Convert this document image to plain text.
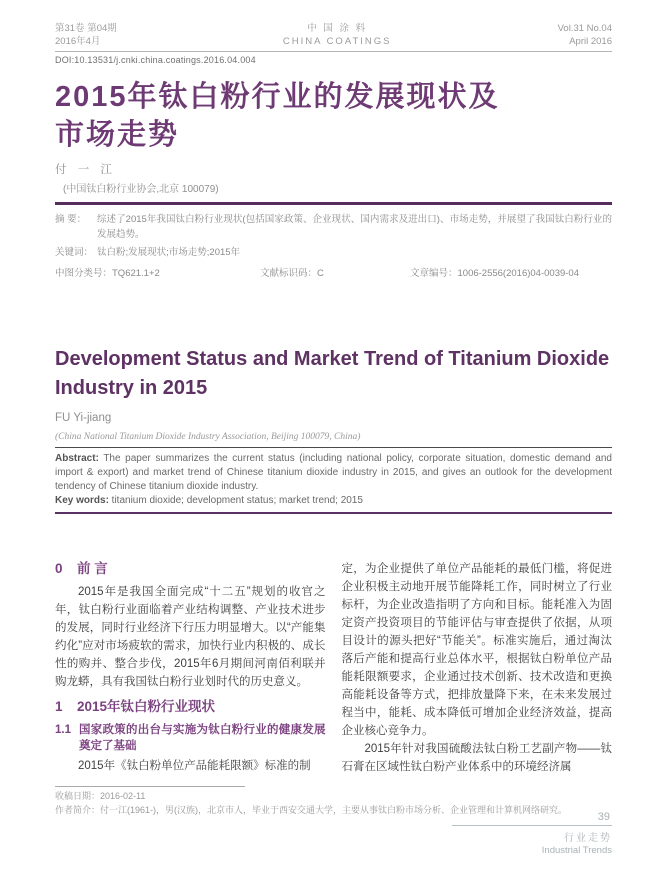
第31卷 第04期
2016年4月
中 国 涂 料
CHINA COATINGS
Vol.31 No.04
April 2016
DOI:10.13531/j.cnki.china.coatings.2016.04.004
2015年钛白粉行业的发展现状及
市场走势
付 一 江
(中国钛白粉行业协会,北京 100079)
摘 要：	综述了2015年我国钛白粉行业现状(包括国家政策、企业现状、国内需求及进出口)、市场走势，并展望了我国钛白粉行业的发展趋势。
关键词： 钛白粉;发展现状;市场走势;2015年
中图分类号：TQ621.1+2	文献标识码：C	文章编号：1006-2556(2016)04-0039-04
Development Status and Market Trend of Titanium Dioxide Industry in 2015
FU Yi-jiang
(China National Titanium Dioxide Industry Association, Beijing 100079, China)
Abstract: The paper summarizes the current status (including national policy, corporate situation, domestic demand and import & export) and market trend of Chinese titanium dioxide industry in 2015, and gives an outlook for the development tendency of Chinese titanium dioxide industry.
Key words: titanium dioxide; development status; market trend; 2015
0	前 言

2015年是我国全面完成“十二五”规划的收官之年，钛白粉行业面临着产业结构调整、产业技术进步的发展，同时行业经济下行压力明显增大。以“产能集约化”应对市场疲软的需求，加快行业内积极的、成长性的购并、整合步伐，2015年6月期间河南佰利联并购龙蟒，具有我国钛白粉行业划时代的历史意义。

1	2015年钛白粉行业现状
1.1 国家政策的出台与实施为钛白粉行业的健康发展奠定了基础

2015年《钛白粉单位产品能耗限额》标准的制

定，为企业提供了单位产品能耗的最低门槛，将促进企业积极主动地开展节能降耗工作，同时树立了行业标杆，为企业改造指明了方向和目标。能耗准入为固定资产投资项目的节能评估与审查提供了依据，从项目设计的源头把好“节能关”。标准实施后，通过淘汰落后产能和提高行业总体水平，根据钛白粉单位产品能耗限额要求，企业通过技术创新、技术改造和更换高能耗设备等方式，把排放量降下来，在未来发展过程当中，能耗、成本降低可增加企业经济效益，提高企业核心竞争力。

2015年针对我国硫酸法钛白粉工艺副产物——钛石膏在区域性钛白粉产业体系中的环境经济属

收稿日期：2016-02-11
作者简介：付一江(1961-)，男(汉族)，北京市人，毕业于西安交通大学，主要从事钛白粉市场分析、企业管理和计算机网络研究。
39
行业走势
Industrial Trends
